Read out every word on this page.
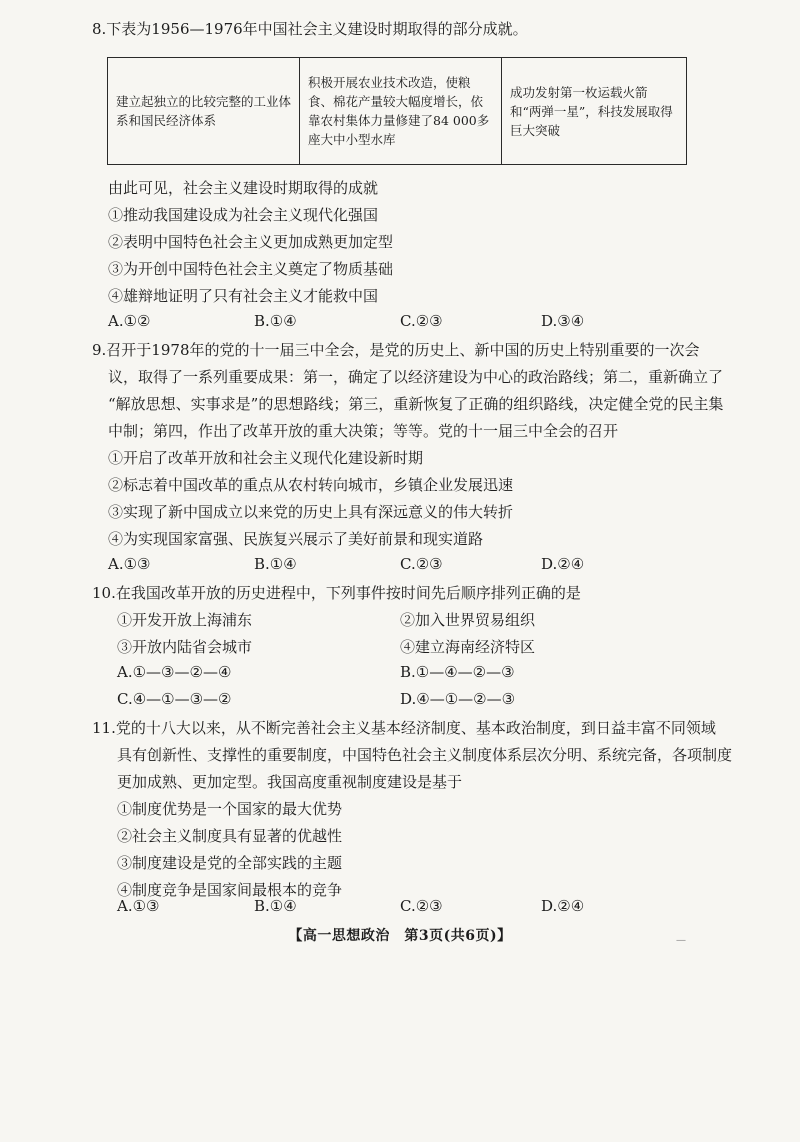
8.下表为1956—1976年中国社会主义建设时期取得的部分成就。
建立起独立的比较完整的工业体系和国民经济体系	积极开展农业技术改造，使粮食、棉花产量较大幅度增长，依靠农村集体力量修建了84 000多座大中小型水库	成功发射第一枚运载火箭和“两弹一星”，科技发展取得巨大突破
由此可见，社会主义建设时期取得的成就
①推动我国建设成为社会主义现代化强国
②表明中国特色社会主义更加成熟更加定型
③为开创中国特色社会主义奠定了物质基础
④雄辩地证明了只有社会主义才能救中国
A.①②	B.①④	C.②③	D.③④
9.召开于1978年的党的十一届三中全会，是党的历史上、新中国的历史上特别重要的一次会
议，取得了一系列重要成果：第一，确定了以经济建设为中心的政治路线；第二，重新确立了
“解放思想、实事求是”的思想路线；第三，重新恢复了正确的组织路线，决定健全党的民主集
中制；第四，作出了改革开放的重大决策；等等。党的十一届三中全会的召开
①开启了改革开放和社会主义现代化建设新时期
②标志着中国改革的重点从农村转向城市，乡镇企业发展迅速
③实现了新中国成立以来党的历史上具有深远意义的伟大转折
④为实现国家富强、民族复兴展示了美好前景和现实道路
A.①③	B.①④	C.②③	D.②④
10.在我国改革开放的历史进程中，下列事件按时间先后顺序排列正确的是
①开发开放上海浦东	②加入世界贸易组织
③开放内陆省会城市	④建立海南经济特区
A.①—③—②—④	B.①—④—②—③
C.④—①—③—②	D.④—①—②—③
11.党的十八大以来，从不断完善社会主义基本经济制度、基本政治制度，到日益丰富不同领域
具有创新性、支撑性的重要制度，中国特色社会主义制度体系层次分明、系统完备，各项制度
更加成熟、更加定型。我国高度重视制度建设是基于
①制度优势是一个国家的最大优势
②社会主义制度具有显著的优越性
③制度建设是党的全部实践的主题
④制度竞争是国家间最根本的竞争
A.①③	B.①④	C.②③	D.②④
【高一思想政治　第3页(共6页)】	—
